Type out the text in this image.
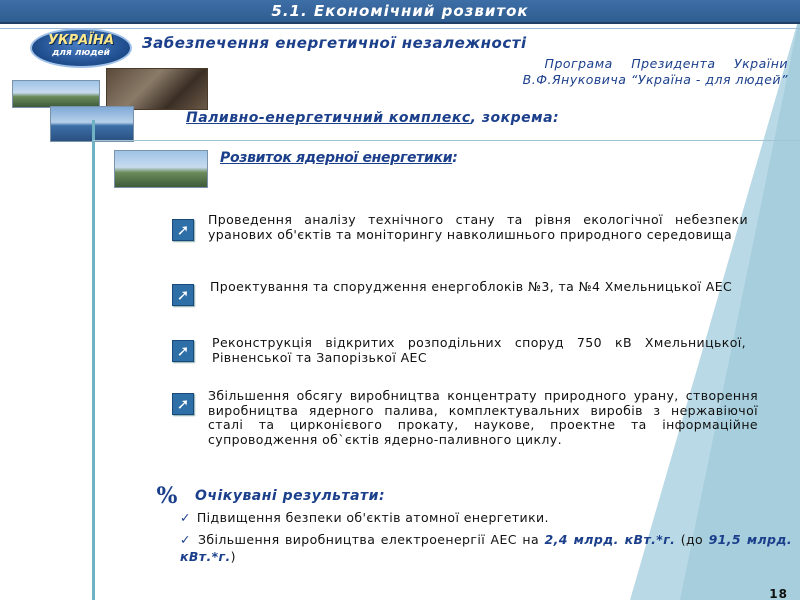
5.1. Економічний розвиток
УКРАЇНА
для людей
Забезпечення енергетичної незалежності
Програма Президента України
В.Ф.Януковича “Україна - для людей”
Паливно-енергетичний комплекс, зокрема:
Розвиток ядерної енергетики:
➚
Проведення аналізу технічного стану та рівня екологічної небезпеки уранових об'єктів та моніторингу навколишнього природного середовища
➚	Проектування та спорудження енергоблоків №3, та №4 Хмельницької АЕС
➚	Реконструкція відкритих розподільних споруд 750 кВ Хмельницької, Рівненської та Запорізької АЕС
➚	Збільшення обсягу виробництва концентрату природного урану, створення виробництва ядерного палива, комплектувальних виробів з нержавіючої сталі та цирконієвого прокату, наукове, проектне та інформаційне супроводження об`єктів ядерно-паливного циклу.
%	Очікувані результати:
✓ Підвищення безпеки об'єктів атомної енергетики.
✓ Збільшення виробництва електроенергії АЕС на 2,4 млрд. кВт.*г. (до 91,5 млрд. кВт.*г.)
18
